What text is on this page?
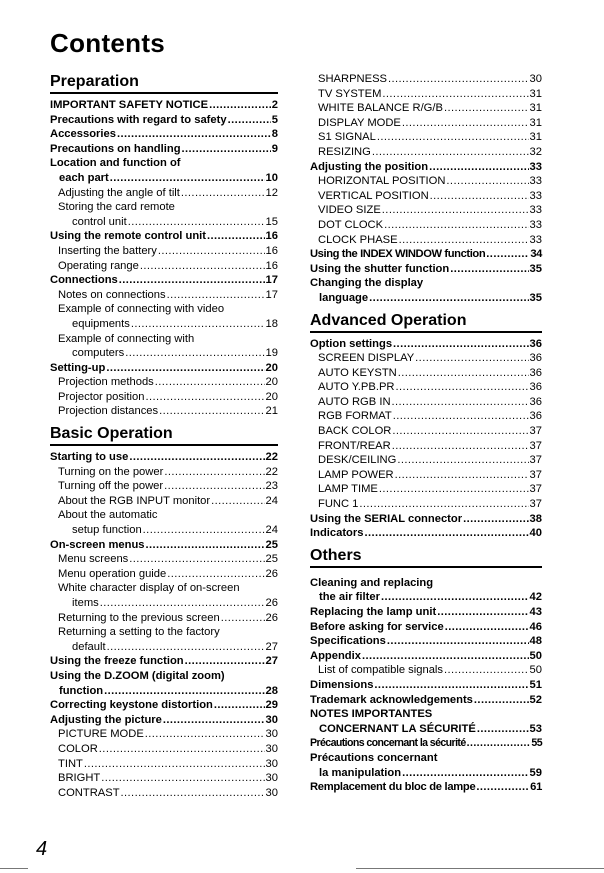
Contents
Preparation
IMPORTANT SAFETY NOTICE .....	2
Precautions with regard to safety .....	5
Accessories .....	8
Precautions on handling .....	9
Location and function of
each part .....	10
Adjusting the angle of tilt .....	12
Storing the card remote
control unit .....	15
Using the remote control unit .....	16
Inserting the battery .....	16
Operating range .....	16
Connections .....	17
Notes on connections .....	17
Example of connecting with video
equipments .....	18
Example of connecting with
computers .....	19
Setting-up .....	20
Projection methods .....	20
Projector position .....	20
Projection distances .....	21
Basic Operation
Starting to use .....	22
Turning on the power .....	22
Turning off the power .....	23
About the RGB INPUT monitor .....	24
About the automatic
setup function .....	24
On-screen menus .....	25
Menu screens .....	25
Menu operation guide .....	26
White character display of on-screen
items .....	26
Returning to the previous screen .....	26
Returning a setting to the factory
default .....	27
Using the freeze function .....	27
Using the D.ZOOM (digital zoom)
function .....	28
Correcting keystone distortion .....	29
Adjusting the picture .....	30
PICTURE MODE .....	30
COLOR .....	30
TINT .....	30
BRIGHT .....	30
CONTRAST .....	30
SHARPNESS .....	30
TV SYSTEM .....	31
WHITE BALANCE R/G/B .....	31
DISPLAY MODE .....	31
S1 SIGNAL .....	31
RESIZING .....	32
Adjusting the position .....	33
HORIZONTAL POSITION .....	33
VERTICAL POSITION .....	33
VIDEO SIZE .....	33
DOT CLOCK .....	33
CLOCK PHASE .....	33
Using the INDEX WINDOW function .....	34
Using the shutter function .....	35
Changing the display
language .....	35
Advanced Operation
Option settings .....	36
SCREEN DISPLAY .....	36
AUTO KEYSTN .....	36
AUTO Y.PB.PR .....	36
AUTO RGB IN .....	36
RGB FORMAT .....	36
BACK COLOR .....	37
FRONT/REAR .....	37
DESK/CEILING .....	37
LAMP POWER .....	37
LAMP TIME .....	37
FUNC 1 .....	37
Using the SERIAL connector .....	38
Indicators .....	40
Others
Cleaning and replacing
the air filter .....	42
Replacing the lamp unit .....	43
Before asking for service .....	46
Specifications .....	48
Appendix .....	50
List of compatible signals .....	50
Dimensions .....	51
Trademark acknowledgements .....	52
NOTES IMPORTANTES
CONCERNANT LA SÉCURITÉ .....	53
Précautions concernant la sécurité .....	55
Précautions concernant
la manipulation .....	59
Remplacement du bloc de lampe .....	61
4
